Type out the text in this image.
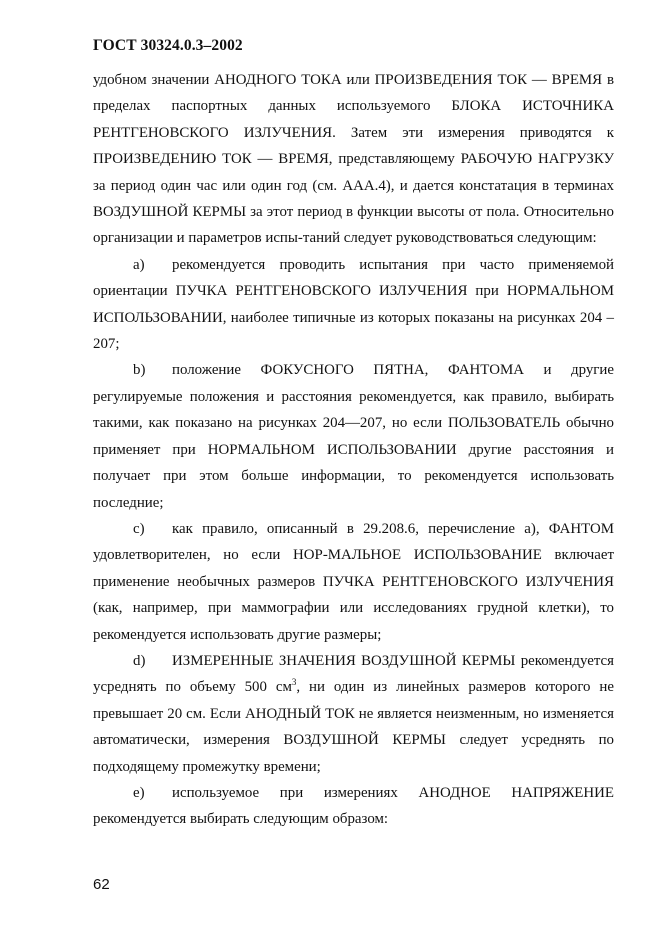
ГОСТ 30324.0.3–2002

удобном значении АНОДНОГО ТОКА или ПРОИЗВЕДЕНИЯ ТОК — ВРЕМЯ в пределах паспортных данных используемого БЛОКА ИСТОЧНИКА РЕНТГЕНОВСКОГО ИЗЛУЧЕНИЯ. Затем эти измерения приводятся к ПРОИЗВЕДЕНИЮ ТОК — ВРЕМЯ, представляющему РАБОЧУЮ НАГРУЗКУ за период один час или один год (см. ААА.4), и дается констатация в терминах ВОЗДУШНОЙ КЕРМЫ за этот период в функции высоты от пола. Относительно организации и параметров испы-таний следует руководствоваться следующим:

a) рекомендуется проводить испытания при часто применяемой ориентации ПУЧКА РЕНТГЕНОВСКОГО ИЗЛУЧЕНИЯ при НОРМАЛЬНОМ ИСПОЛЬЗОВАНИИ, наиболее типичные из которых показаны на рисунках 204 – 207;

b) положение ФОКУСНОГО ПЯТНА, ФАНТОМА и другие регулируемые положения и расстояния рекомендуется, как правило, выбирать такими, как показано на рисунках 204—207, но если ПОЛЬЗОВАТЕЛЬ обычно применяет при НОРМАЛЬНОМ ИСПОЛЬЗОВАНИИ другие расстояния и получает при этом больше информации, то рекомендуется использовать последние;

c) как правило, описанный в 29.208.6, перечисление а), ФАНТОМ удовлетворителен, но если НОР-МАЛЬНОЕ ИСПОЛЬЗОВАНИЕ включает применение необычных размеров ПУЧКА РЕНТГЕНОВСКОГО ИЗЛУЧЕНИЯ (как, например, при маммографии или исследованиях грудной клетки), то рекомендуется использовать другие размеры;

d) ИЗМЕРЕННЫЕ ЗНАЧЕНИЯ ВОЗДУШНОЙ КЕРМЫ рекомендуется усреднять по объему 500 $см^3$, ни один из линейных размеров которого не превышает 20 см. Если АНОДНЫЙ ТОК не является неизменным, но изменяется автоматически, измерения ВОЗДУШНОЙ КЕРМЫ следует усреднять по подходящему промежутку времени;

e) используемое при измерениях АНОДНОЕ НАПРЯЖЕНИЕ рекомендуется выбирать следующим образом:

62
